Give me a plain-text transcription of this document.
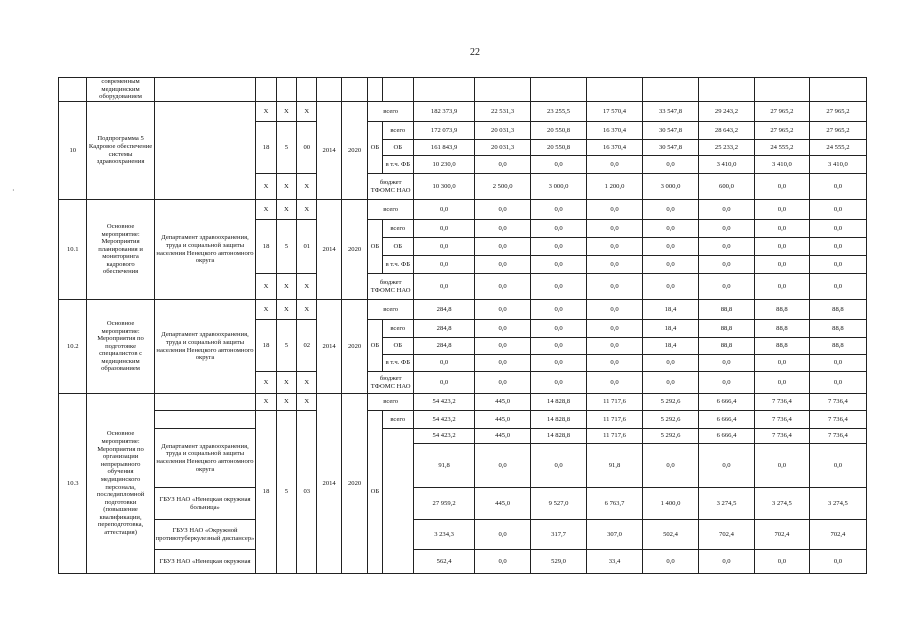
22
·
	современным медицинским оборудованием																
10	Подпрограмма 5 Кадровое обеспечение системы здравоохранения		X	X	X	2014	2020	всего		182 373,9	22 531,3	23 255,5	17 570,4	33 547,8	29 243,2	27 965,2	27 965,2
			18	5	00			ОБ	всего	172 073,9	20 031,3	20 550,8	16 370,4	30 547,8	28 643,2	27 965,2	27 965,2
									ОБ	161 843,9	20 031,3	20 550,8	16 370,4	30 547,8	25 233,2	24 555,2	24 555,2
									в т.ч. ФБ	10 230,0	0,0	0,0	0,0	0,0	3 410,0	3 410,0	3 410,0
			X	X	X			бюджет ТФОМС НАО		10 300,0	2 500,0	3 000,0	1 200,0	3 000,0	600,0	0,0	0,0
10.1	Основное мероприятие: Мероприятия планирования и мониторинга кадрового обеспечения	Департамент здравоохранения, труда и социальной защиты населения Ненецкого автономного округа	X	X	X	2014	2020	всего		0,0	0,0	0,0	0,0	0,0	0,0	0,0	0,0
			18	5	01			ОБ	всего	0,0	0,0	0,0	0,0	0,0	0,0	0,0	0,0
									ОБ	0,0	0,0	0,0	0,0	0,0	0,0	0,0	0,0
									в т.ч. ФБ	0,0	0,0	0,0	0,0	0,0	0,0	0,0	0,0
			X	X	X			бюджет ТФОМС НАО		0,0	0,0	0,0	0,0	0,0	0,0	0,0	0,0
10.2	Основное мероприятие: Мероприятия по подготовке специалистов с медицинским образованием	Департамент здравоохранения, труда и социальной защиты населения Ненецкого автономного округа	X	X	X	2014	2020	всего		284,8	0,0	0,0	0,0	18,4	88,8	88,8	88,8
			18	5	02			ОБ	всего	284,8	0,0	0,0	0,0	18,4	88,8	88,8	88,8
									ОБ	284,8	0,0	0,0	0,0	18,4	88,8	88,8	88,8
									в т.ч. ФБ	0,0	0,0	0,0	0,0	0,0	0,0	0,0	0,0
			X	X	X			бюджет ТФОМС НАО		0,0	0,0	0,0	0,0	0,0	0,0	0,0	0,0
10.3	Основное мероприятие: Мероприятия по организации непрерывного обучения медицинского персонала, последипломной подготовки (повышение квалификации, переподготовка, аттестация)		X	X	X	2014	2020	всего		54 423,2	445,0	14 828,8	11 717,6	5 292,6	6 666,4	7 736,4	7 736,4
			18	5	03			ОБ	всего	54 423,2	445,0	14 828,8	11 717,6	5 292,6	6 666,4	7 736,4	7 736,4
		Департамент здравоохранения, труда и социальной защиты населения Ненецкого автономного округа								54 423,2	445,0	14 828,8	11 717,6	5 292,6	6 666,4	7 736,4	7 736,4
										91,8	0,0	0,0	91,8	0,0	0,0	0,0	0,0
		ГБУЗ НАО «Ненецкая окружная больница»								27 959,2	445,0	9 527,0	6 763,7	1 400,0	3 274,5	3 274,5	3 274,5
		ГБУЗ НАО «Окружной противотуберкулезный диспансер»								3 234,3	0,0	317,7	307,0	502,4	702,4	702,4	702,4
		ГБУЗ НАО «Ненецкая окружная								562,4	0,0	529,0	33,4	0,0	0,0	0,0	0,0
